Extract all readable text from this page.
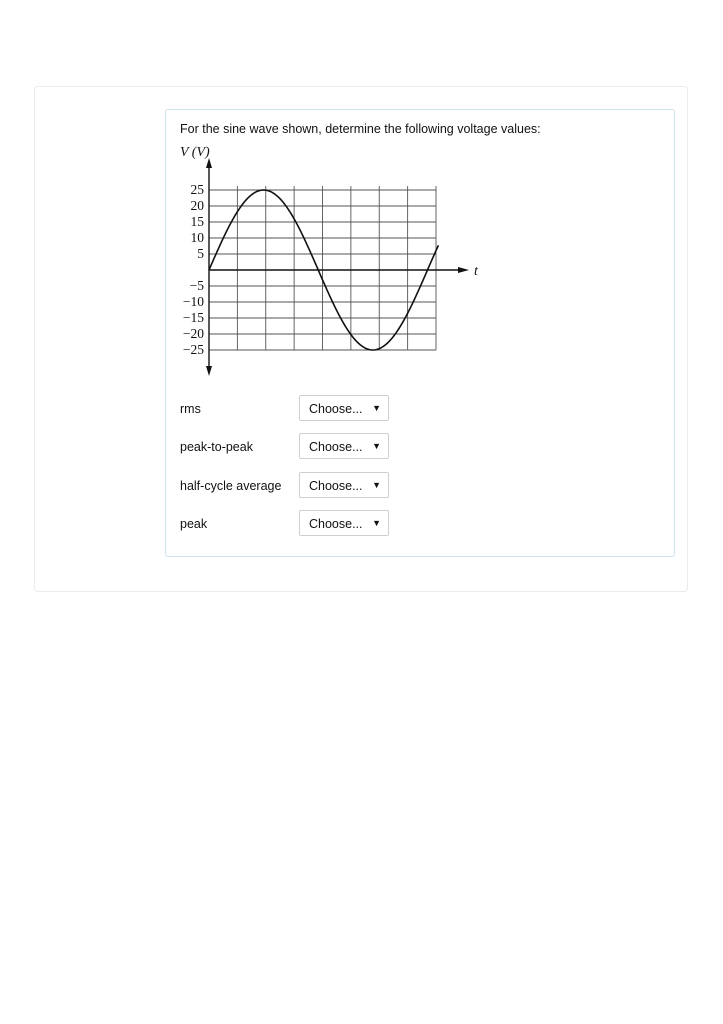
For the sine wave shown, determine the following voltage values:
V (V)
t
25
20
15
10
5
−5
−10
−15
−20
−25
rms	Choose... ▼
peak-to-peak	Choose... ▼
half-cycle average Choose... ▼
peak	Choose... ▼
